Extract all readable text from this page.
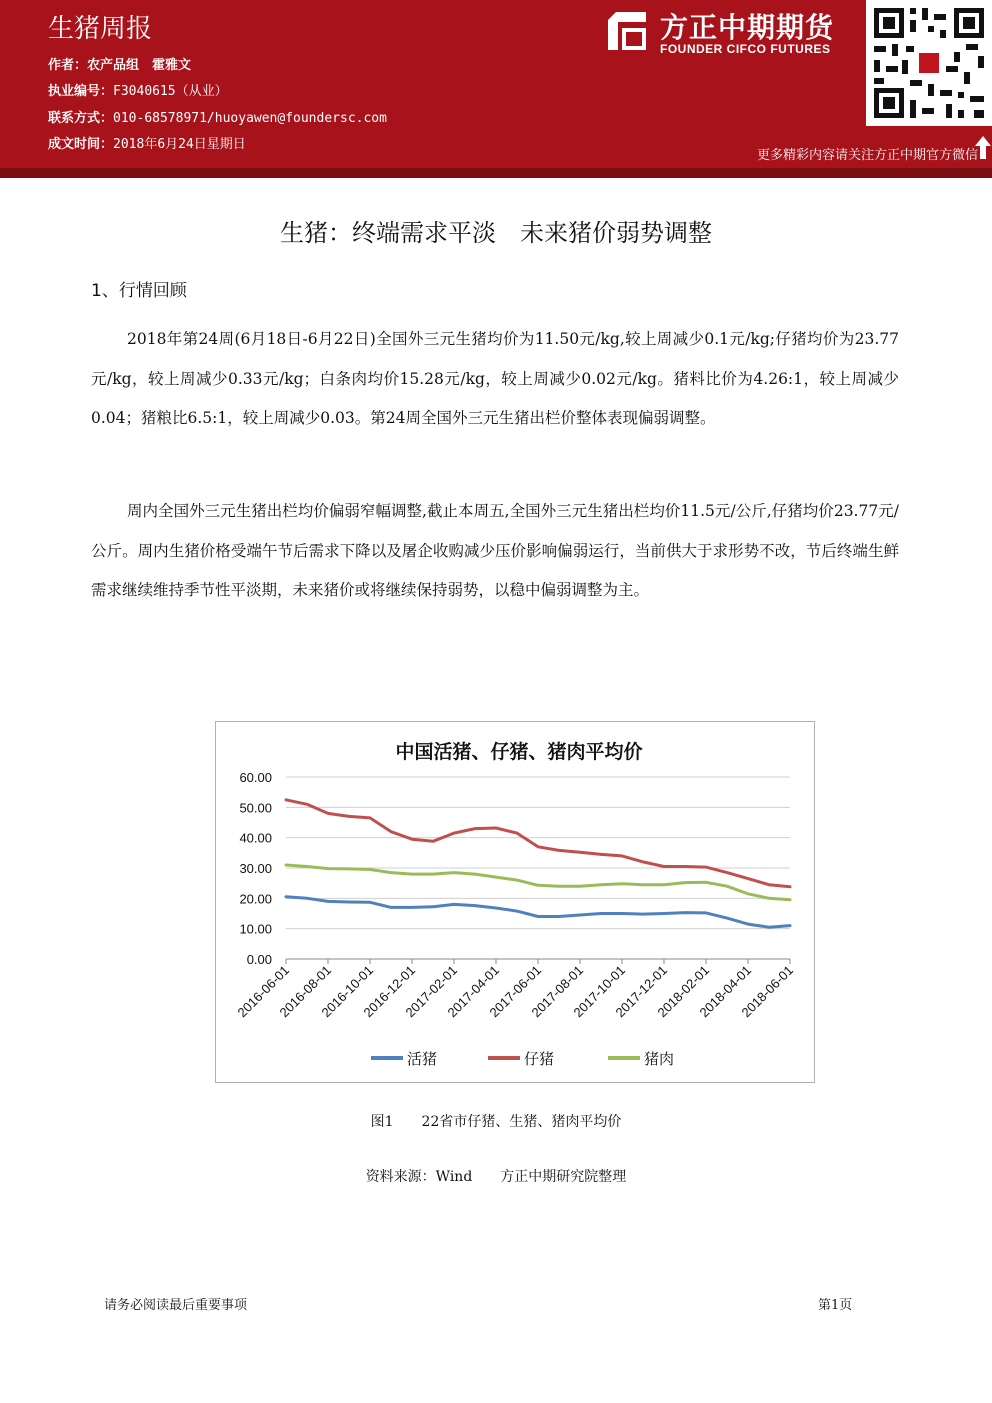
生猪周报
作者：农产品组　霍雅文
执业编号：F3040615（从业）
联系方式：010-68578971/huoyawen@foundersc.com
成文时间：2018年6月24日星期日
方正中期期货
FOUNDER CIFCO FUTURES
更多精彩内容请关注方正中期官方微信
生猪：终端需求平淡　未来猪价弱势调整
1、行情回顾
2018年第24周(6月18日-6月22日)全国外三元生猪均价为11.50元/kg,较上周减少0.1元/kg;仔猪均价为23.77元/kg，较上周减少0.33元/kg；白条肉均价15.28元/kg，较上周减少0.02元/kg。猪料比价为4.26:1，较上周减少0.04；猪粮比6.5:1，较上周减少0.03。第24周全国外三元生猪出栏价整体表现偏弱调整。
周内全国外三元生猪出栏均价偏弱窄幅调整,截止本周五,全国外三元生猪出栏均价11.5元/公斤,仔猪均价23.77元/公斤。周内生猪价格受端午节后需求下降以及屠企收购减少压价影响偏弱运行，当前供大于求形势不改，节后终端生鲜需求继续维持季节性平淡期，未来猪价或将继续保持弱势，以稳中偏弱调整为主。
中国活猪、仔猪、猪肉平均价
0.00
10.00
20.00
30.00
40.00
50.00
60.00
2016-06-01
2016-08-01
2016-10-01
2016-12-01
2017-02-01
2017-04-01
2017-06-01
2017-08-01
2017-10-01
2017-12-01
2018-02-01
2018-04-01
2018-06-01
活猪	仔猪	猪肉
图1　　22省市仔猪、生猪、猪肉平均价
资料来源：Wind　　方正中期研究院整理
请务必阅读最后重要事项	第1页
